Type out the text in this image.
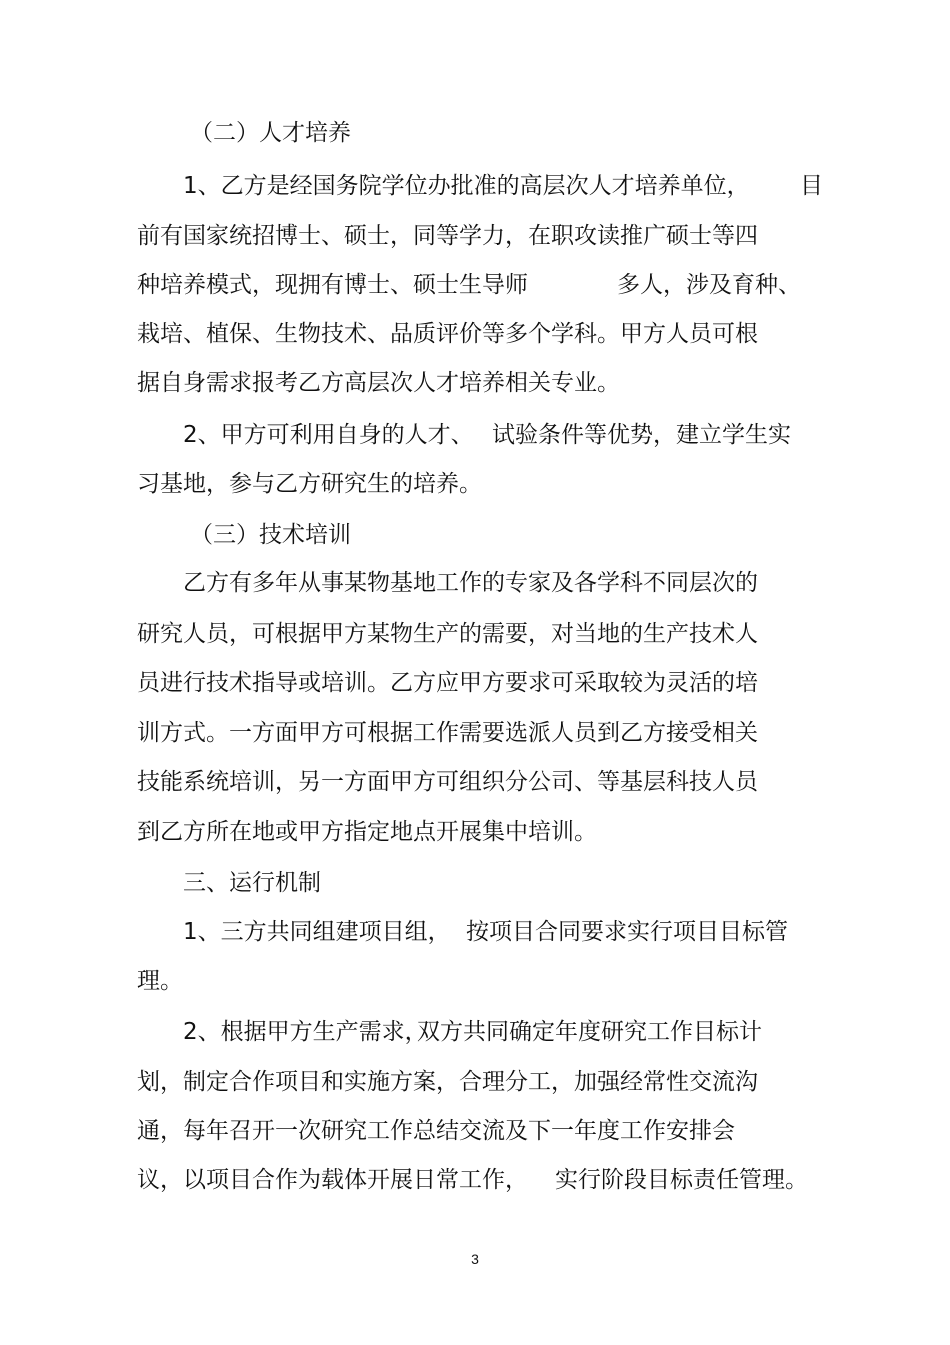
（二）人才培养
1、乙方是经国务院学位办批准的高层次人才培养单位， 目
前有国家统招博士、硕士，同等学力，在职攻读推广硕士等四
种培养模式，现拥有博士、硕士生导师	多人，涉及育种、
栽培、植保、生物技术、品质评价等多个学科。甲方人员可根
据自身需求报考乙方高层次人才培养相关专业。
2、甲方可利用自身的人才、 试验条件等优势，建立学生实
习基地，参与乙方研究生的培养。
（三）技术培训
乙方有多年从事某物基地工作的专家及各学科不同层次的
研究人员，可根据甲方某物生产的需要，对当地的生产技术人
员进行技术指导或培训。乙方应甲方要求可采取较为灵活的培
训方式。一方面甲方可根据工作需要选派人员到乙方接受相关
技能系统培训，另一方面甲方可组织分公司、等基层科技人员
到乙方所在地或甲方指定地点开展集中培训。
三、运行机制
1、三方共同组建项目组， 按项目合同要求实行项目目标管
理。
2、根据甲方生产需求，
双方共同确定年度研究工作目标计
划，制定合作项目和实施方案，合理分工，加强经常性交流沟
通，每年召开一次研究工作总结交流及下一年度工作安排会
议，以项目合作为载体开展日常工作， 实行阶段目标责任管理。
3
